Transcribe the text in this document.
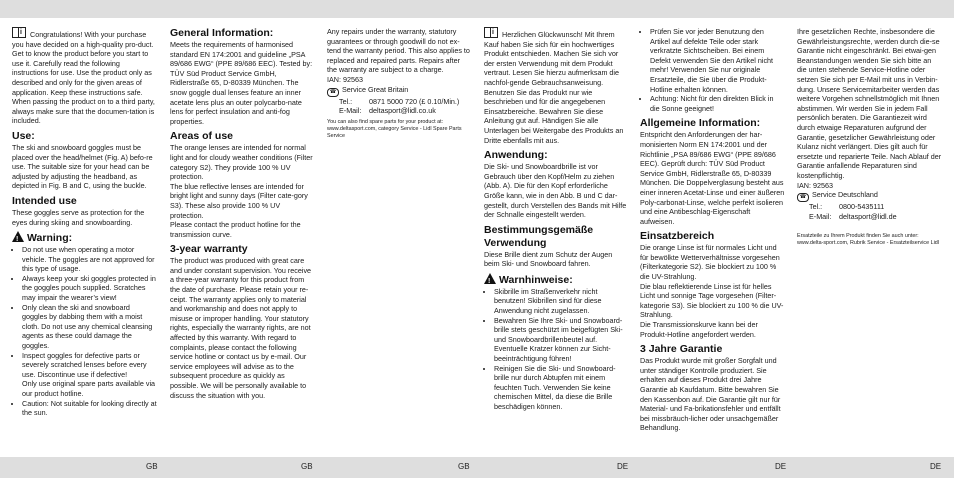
i Congratulations! With your purchase you have decided on a high-quality pro-duct. Get to know the product before you start to use it. Carefully read the following instructions for use. Use the product only as described and only for the given areas of application. Keep these instructions safe. When passing the product on to a third party, always make sure that the documen-tation is included.

Use:

The ski and snowboard goggles must be placed over the head/helmet (Fig. A) befo-re use. The suitable size for your head can be adjusted by adjusting the headband, as depicted in Fig. B and C, using the buckle.

Intended use

These goggles serve as protection for the eyes during skiing and snowboarding.

!Warning:
• Do not use when operating a motor vehicle. The goggles are not approved for this type of usage.
• Always keep your ski goggles protected in the goggles pouch supplied. Scratches may impair the wearer’s view!
• Only clean the ski and snowboard goggles by dabbing them with a moist cloth. Do not use any chemical cleansing agents as these could damage the goggles.
• Inspect goggles for defective parts or severely scratched lenses before every use. Discontinue use if defective!
Only use original spare parts available via our product hotline.
• Caution: Not suitable for looking directly at the sun.
General Information:

Meets the requirements of harmonised standard EN 174:2001 and guideline „PSA 89/686 EWG“ (PPE 89/686 EEC). Tested by: TÜV Süd Product Service GmbH, Ridlerstraße 65, D-80339 München. The snow goggle dual lenses feature an inner acetate lens plus an outer polycarbo-nate lens for perfect insulation and anti-fog properties.

Areas of use

The orange lenses are intended for normal light and for cloudy weather conditions (Filter category S2). They provide 100 % UV protection.

The blue reflective lenses are intended for bright light and sunny days (Filter cate-gory S3). These also provide 100 % UV protection.

Please contact the product hotline for the transmission curve.

3-year warranty

The product was produced with great care and under constant supervision. You receive a three-year warranty for this product from the date of purchase. Please retain your re-ceipt. The warranty applies only to material and workmanship and does not apply to misuse or improper handling. Your statutory rights, especially the warranty rights, are not affected by this warranty. With regard to complaints, please contact the following service hotline or contact us by e-mail. Our service employees will advise as to the subsequent procedure as quickly as possible. We will be personally available to discuss the situation with you.

Any repairs under the warranty, statutory guarantees or through goodwill do not ex-tend the warranty period. This also applies to replaced and repaired parts. Repairs after the warranty are subject to a charge.

IAN: 92563

☎ Service Great Britain

Tel.:	0871 5000 720 (£ 0.10/Min.)
E-Mail:	deltasport@lidl.co.uk

You can also find spare parts for your product at: www.deltasport.com, category Service - Lidl Spare Parts Service

i Herzlichen Glückwunsch! Mit Ihrem Kauf haben Sie sich für ein hochwertiges Produkt entschieden. Machen Sie sich vor der ersten Verwendung mit dem Produkt vertraut. Lesen Sie hierzu aufmerksam die nachfol-gende Gebrauchsanweisung. Benutzen Sie das Produkt nur wie beschrieben und für die angegebenen Einsatzbereiche. Bewahren Sie diese Anleitung gut auf. Händigen Sie alle Unterlagen bei Weitergabe des Produkts an Dritte ebenfalls mit aus.

Anwendung:

Die Ski- und Snowboardbrille ist vor Gebrauch über den Kopf/Helm zu ziehen (Abb. A). Die für den Kopf erforderliche Größe kann, wie in den Abb. B und C dar-gestellt, durch Verstellen des Bands mit Hilfe der Schnalle eingestellt werden.

Bestimmungsgemäße Verwendung

Diese Brille dient zum Schutz der Augen beim Ski- und Snowboard fahren.

!Warnhinweise:
• Skibrille im Straßenverkehr nicht benutzen! Skibrillen sind für diese Anwendung nicht zugelassen.
• Bewahren Sie Ihre Ski- und Snowboard-brille stets geschützt im beigefügten Ski- und Snowboardbrillenbeutel auf. Eventuelle Kratzer können zur Sicht-beeinträchtigung führen!
• Reinigen Sie die Ski- und Snowboard-brille nur durch Abtupfen mit einem feuchten Tuch. Verwenden Sie keine chemischen Mittel, da diese die Brille beschädigen können.
• Prüfen Sie vor jeder Benutzung den Artikel auf defekte Teile oder stark verkratzte Sichtscheiben. Bei einem Defekt verwenden Sie den Artikel nicht mehr! Verwenden Sie nur originale Ersatzteile, die Sie über die Produkt-Hotline erhalten können.
• Achtung: Nicht für den direkten Blick in die Sonne geeignet!
Allgemeine Information:

Entspricht den Anforderungen der har-monisierten Norm EN 174:2001 und der Richtlinie „PSA 89/686 EWG“ (PPE 89/686 EEC). Geprüft durch: TÜV Süd Product Service GmbH, Ridlerstraße 65, D-80339 München. Die Doppelverglasung besteht aus einer inneren Acetat-Linse und einer äußeren Poly-carbonat-Linse, welche perfekt isolieren und eine Antibeschlag-Eigenschaft aufweisen.

Einsatzbereich

Die orange Linse ist für normales Licht und für bewölkte Wetterverhältnisse vorgesehen (Filterkategorie S2). Sie blockiert zu 100 % die UV-Strahlung.

Die blau reflektierende Linse ist für helles Licht und sonnige Tage vorgesehen (Filter-kategorie S3). Sie blockiert zu 100 % die UV-Strahlung.

Die Transmissionskurve kann bei der Produkt-Hotline angefordert werden.

3 Jahre Garantie

Das Produkt wurde mit großer Sorgfalt und unter ständiger Kontrolle produziert. Sie erhalten auf dieses Produkt drei Jahre Garantie ab Kaufdatum. Bitte bewahren Sie den Kassenbon auf. Die Garantie gilt nur für Material- und Fa-brikationsfehler und entfällt bei missbräuch-licher oder unsachgemäßer Behandlung.

Ihre gesetzlichen Rechte, insbesondere die Gewährleistungsrechte, werden durch die-se Garantie nicht eingeschränkt. Bei etwai-gen Beanstandungen wenden Sie sich bitte an die unten stehende Service-Hotline oder setzen Sie sich per E-Mail mit uns in Verbin-dung. Unsere Servicemitarbeiter werden das weitere Vorgehen schnellstmöglich mit Ihnen abstimmen. Wir werden Sie in jedem Fall persönlich beraten. Die Garantiezeit wird durch etwaige Reparaturen aufgrund der Garantie, gesetzlicher Gewährleistung oder Kulanz nicht verlängert. Dies gilt auch für ersetzte und reparierte Teile. Nach Ablauf der Garantie anfallende Reparaturen sind kostenpflichtig.

IAN: 92563

☎ Service Deutschland

Tel.:	0800-5435111
E-Mail:	deltasport@lidl.de

Ersatzteile zu Ihrem Produkt finden Sie auch unter: www.delta-sport.com, Rubrik Service - Ersatzteilservice Lidl

GB	GB	GB	DE	DE	DE
